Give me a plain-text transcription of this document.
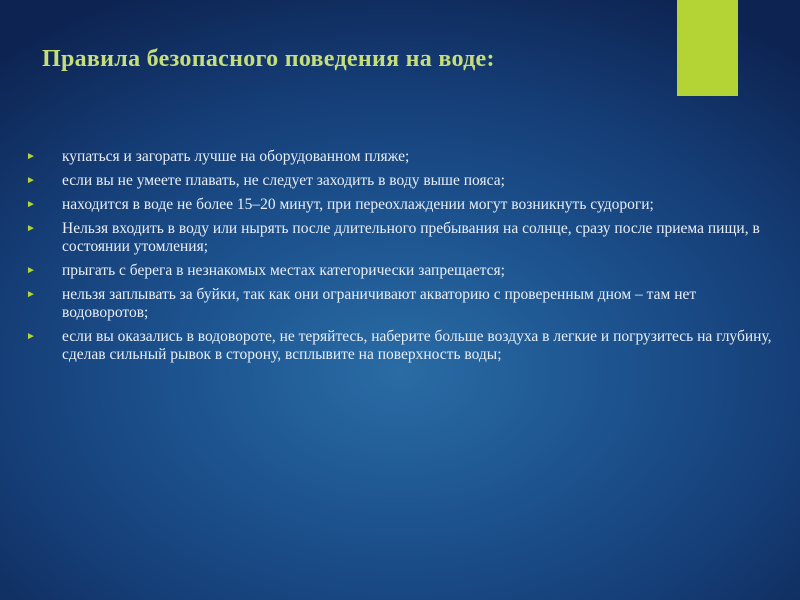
Правила безопасного поведения на воде:
► купаться и загорать лучше на оборудованном пляже;
► если вы не умеете плавать, не следует заходить в воду выше пояса;
► находится в воде не более 15–20 минут, при переохлаждении могут возникнуть судороги;
► Нельзя входить в воду или нырять после длительного пребывания на солнце, сразу после приема пищи, в состоянии утомления;
► прыгать с берега в незнакомых местах категорически запрещается;
► нельзя заплывать за буйки, так как они ограничивают акваторию с проверенным дном – там нет водоворотов;
► если вы оказались в водовороте, не теряйтесь, наберите больше воздуха в легкие и погрузитесь на глубину, сделав сильный рывок в сторону, всплывите на поверхность воды;
